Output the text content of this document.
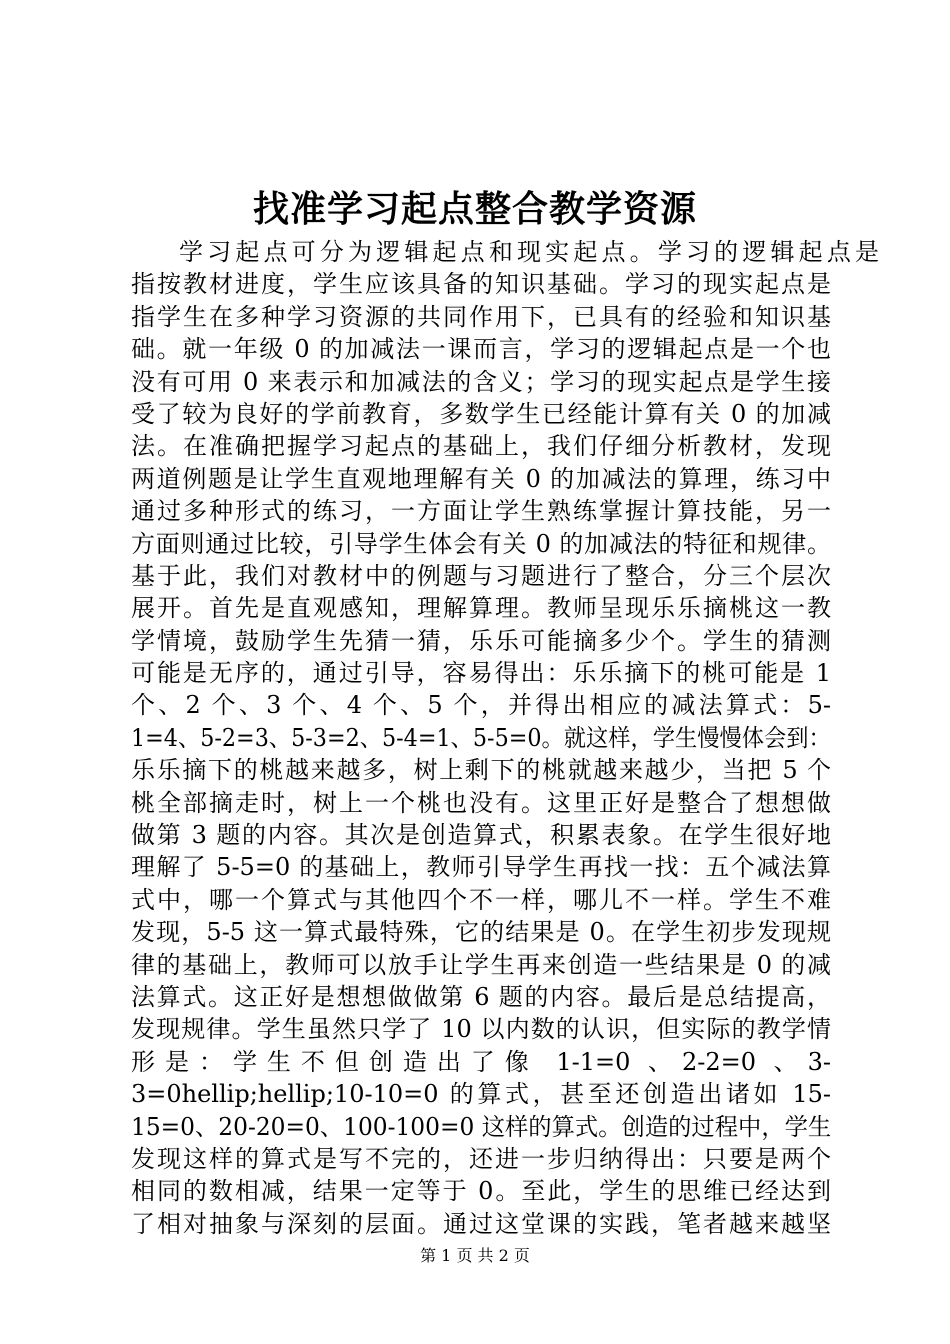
找准学习起点整合教学资源
学习起点可分为逻辑起点和现实起点。学习的逻辑起点是
指按教材进度，学生应该具备的知识基础。学习的现实起点是
指学生在多种学习资源的共同作用下，已具有的经验和知识基
础。就一年级 0 的加减法一课而言，学习的逻辑起点是一个也
没有可用 0 来表示和加减法的含义；学习的现实起点是学生接
受了较为良好的学前教育，多数学生已经能计算有关 0 的加减
法。在准确把握学习起点的基础上，我们仔细分析教材，发现
两道例题是让学生直观地理解有关 0 的加减法的算理，练习中
通过多种形式的练习，一方面让学生熟练掌握计算技能，另一
方面则通过比较，引导学生体会有关 0 的加减法的特征和规律。
基于此，我们对教材中的例题与习题进行了整合，分三个层次
展开。首先是直观感知，理解算理。教师呈现乐乐摘桃这一教
学情境，鼓励学生先猜一猜，乐乐可能摘多少个。学生的猜测
可能是无序的，通过引导，容易得出：乐乐摘下的桃可能是 1
个、2 个、3 个、4 个、5 个，并得出相应的减法算式：5-
1=4、5-2=3、5-3=2、5-4=1、5-5=0。就这样，学生慢慢体会到：
乐乐摘下的桃越来越多，树上剩下的桃就越来越少，当把 5 个
桃全部摘走时，树上一个桃也没有。这里正好是整合了想想做
做第 3 题的内容。其次是创造算式，积累表象。在学生很好地
理解了 5-5=0 的基础上，教师引导学生再找一找：五个减法算
式中，哪一个算式与其他四个不一样，哪儿不一样。学生不难
发现，5-5 这一算式最特殊，它的结果是 0。在学生初步发现规
律的基础上，教师可以放手让学生再来创造一些结果是 0 的减
法算式。这正好是想想做做第 6 题的内容。最后是总结提高，
发现规律。学生虽然只学了 10 以内数的认识，但实际的教学情
形是：学生不但创造出了像 1-1=0 、2-2=0 、3-
3=0hellip;hellip;10-10=0 的算式，甚至还创造出诸如 15-
15=0、20-20=0、100-100=0 这样的算式。创造的过程中，学生
发现这样的算式是写不完的，还进一步归纳得出：只要是两个
相同的数相减，结果一定等于 0。至此，学生的思维已经达到
了相对抽象与深刻的层面。通过这堂课的实践，笔者越来越坚
第 1 页 共 2 页
